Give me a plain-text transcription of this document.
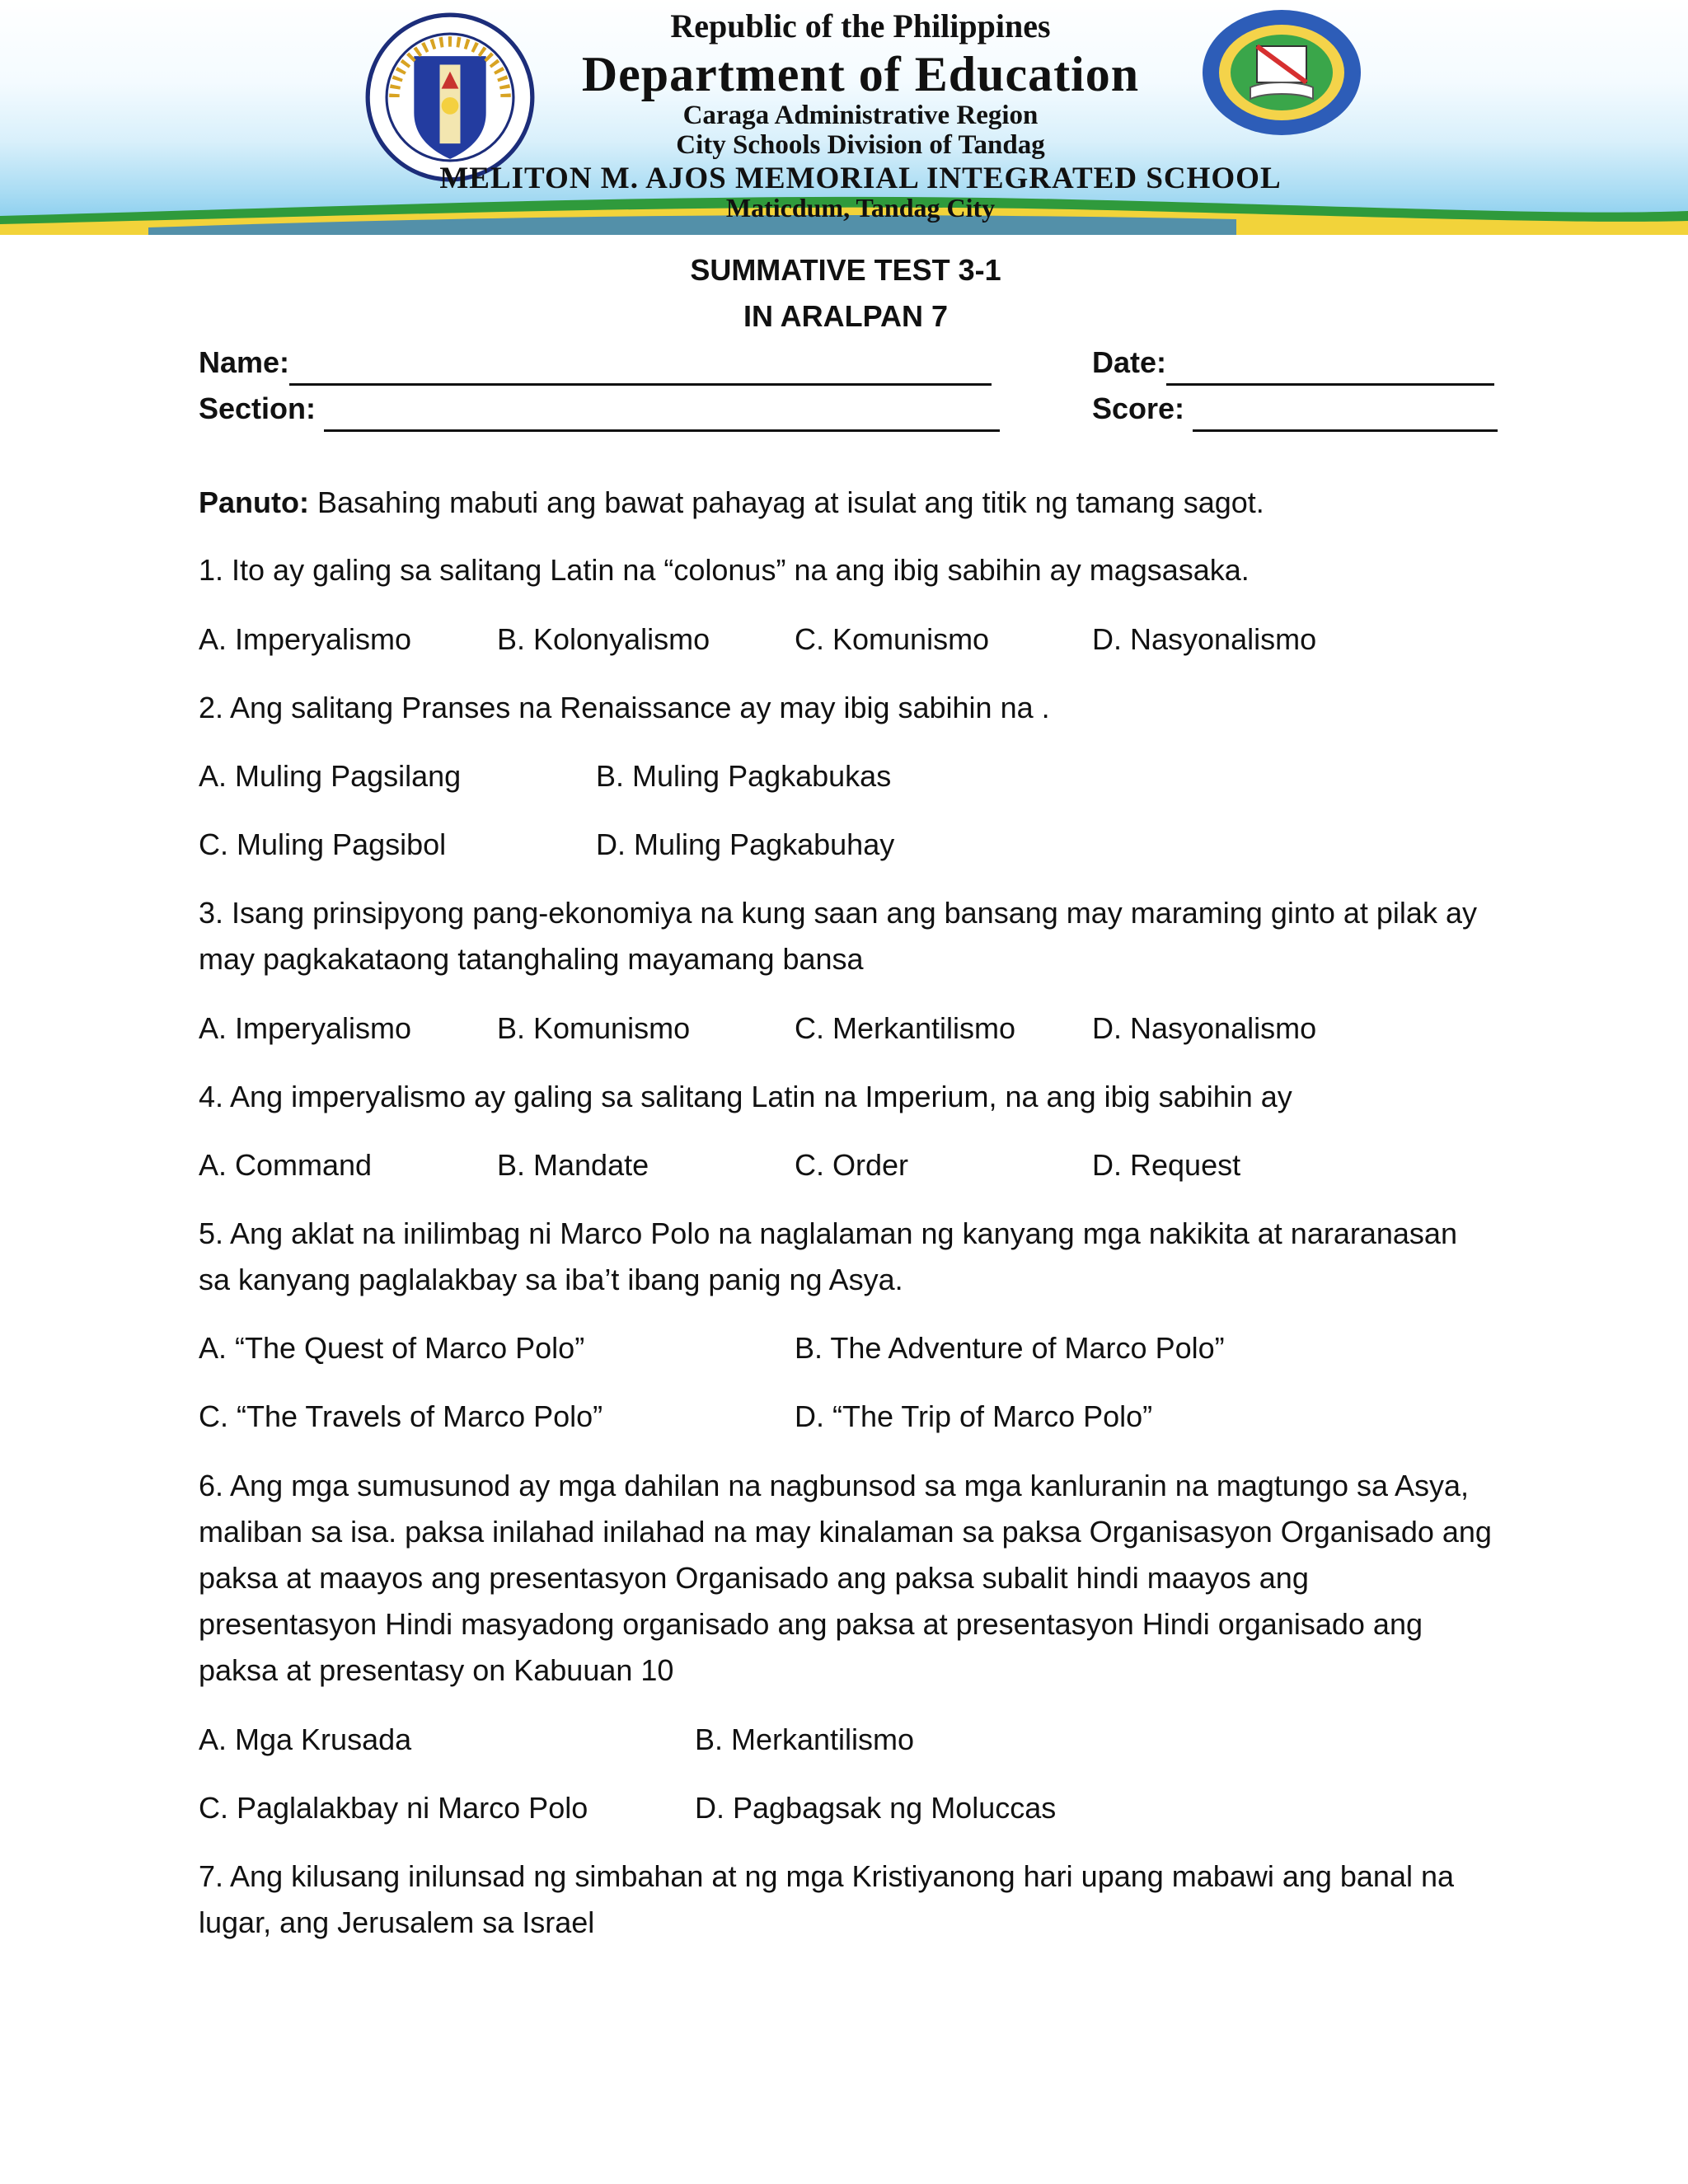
Republic of the Philippines
Department of Education
Caraga Administrative Region
City Schools Division of Tandag
MELITON M. AJOS MEMORIAL INTEGRATED SCHOOL
Maticdum, Tandag City
SUMMATIVE TEST 3-1
IN ARALPAN 7
Name:	Date:
Section:	Score:
Panuto: Basahing mabuti ang bawat pahayag at isulat ang titik ng tamang sagot.
1. Ito ay galing sa salitang Latin na “colonus” na ang ibig sabihin ay magsasaka.
A. Imperyalismo	B. Kolonyalismo	C. Komunismo	D. Nasyonalismo
2. Ang salitang Pranses na Renaissance ay may ibig sabihin na .
A. Muling Pagsilang	B. Muling Pagkabukas
C. Muling Pagsibol	D. Muling Pagkabuhay
3. Isang prinsipyong pang-ekonomiya na kung saan ang bansang may maraming ginto at pilak ay may pagkakataong tatanghaling mayamang bansa
A. Imperyalismo	B. Komunismo	C. Merkantilismo	D. Nasyonalismo
4. Ang imperyalismo ay galing sa salitang Latin na Imperium, na ang ibig sabihin ay
A. Command	B. Mandate	C. Order	D. Request
5. Ang aklat na inilimbag ni Marco Polo na naglalaman ng kanyang mga nakikita at nararanasan sa kanyang paglalakbay sa iba’t ibang panig ng Asya.
A. “The Quest of Marco Polo”	B. The Adventure of Marco Polo”
C. “The Travels of Marco Polo”	D. “The Trip of Marco Polo”
6. Ang mga sumusunod ay mga dahilan na nagbunsod sa mga kanluranin na magtungo sa Asya, maliban sa isa. paksa inilahad inilahad na may kinalaman sa paksa Organisasyon Organisado ang paksa at maayos ang presentasyon Organisado ang paksa subalit hindi maayos ang presentasyon Hindi masyadong organisado ang paksa at presentasyon Hindi organisado ang paksa at presentasy on Kabuuan 10
A. Mga Krusada	B. Merkantilismo
C. Paglalakbay ni Marco Polo	D. Pagbagsak ng Moluccas
7. Ang kilusang inilunsad ng simbahan at ng mga Kristiyanong hari upang mabawi ang banal na lugar, ang Jerusalem sa Israel
